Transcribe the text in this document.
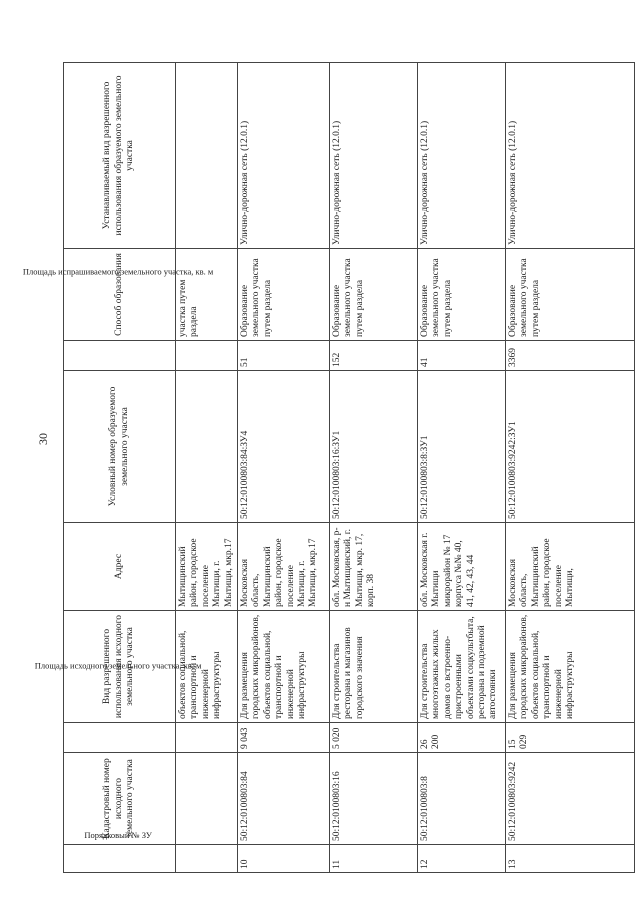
30
Порядковый № ЗУ	Кадастровый номер исходного земельного участка	Площадь исходного земельного участка, кв. м	Вид разрешенного использования исходного земельного участка	Адрес	Условный номер образуемого земельного участка	Площадь испрашиваемого земельного участка, кв. м	Способ образования	Устанавливаемый вид разрешенного использования образуемого земельного участка
			объектов социальной, транспортной и инженерной инфраструктуры	Мытищинский район, городское поселение Мытищи, г. Мытищи, мкр.17			участка путем раздела	
10	50:12:0100803:84	9 043	Для размещения городских микрорайонов, объектов социальной, транспортной и инженерной инфраструктуры	Московская область, Мытищинский район, городское поселение Мытищи, г. Мытищи, мкр.17	50:12:0100803:84:ЗУ4	51	Образование земельного участка путем раздела	Улично-дорожная сеть (12.0.1)
11	50:12:0100803:16	5 020	Для строительства ресторана и магазинов городского значения	обл. Московская, р-н Мытищинский, г. Мытищи, мкр. 17, корп. 38	50:12:0100803:16:ЗУ1	152	Образование земельного участка путем раздела	Улично-дорожная сеть (12.0.1)
12	50:12:0100803:8	26 200	Для строительства многоэтажных жилых домов со встроенно-пристроенными объектами соцкультбыта, ресторана и подземной автостоянки	обл. Московская г. Мытищи микрорайон № 17 корпуса №№ 40, 41, 42, 43, 44	50:12:0100803:8:ЗУ1	41	Образование земельного участка путем раздела	Улично-дорожная сеть (12.0.1)
13	50:12:0100803:9242	15 029	Для размещения городских микрорайонов, объектов социальной, транспортной и инженерной инфраструктуры	Московская область, Мытищинский район, городское поселение Мытищи,	50:12:0100803:9242:ЗУ1	3369	Образование земельного участка путем раздела	Улично-дорожная сеть (12.0.1)
